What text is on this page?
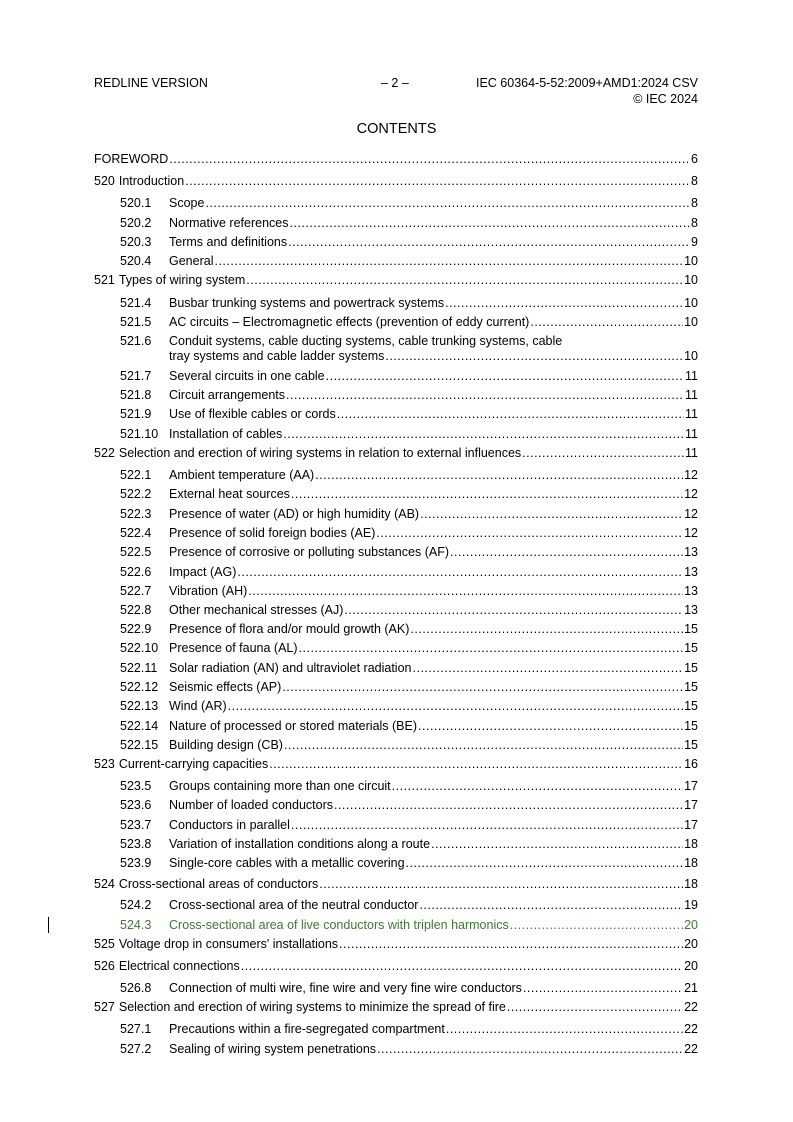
REDLINE VERSION	– 2 –	IEC 60364-5-52:2009+AMD1:2024 CSV
© IEC 2024
CONTENTS
FOREWORD .....	6
520 Introduction .....	8
520.1	Scope .....	8
520.2	Normative references .....	8
520.3	Terms and definitions .....	9
520.4	General .....	10
521 Types of wiring system .....	10
521.4	Busbar trunking systems and powertrack systems .....	10
521.5	AC circuits – Electromagnetic effects (prevention of eddy current) .....	10
521.6 Conduit systems, cable ducting systems, cable trunking systems, cable
tray systems and cable ladder systems .....	10
521.7	Several circuits in one cable .....	11
521.8	Circuit arrangements .....	11
521.9	Use of flexible cables or cords .....	11
521.10 Installation of cables .....	11
522 Selection and erection of wiring systems in relation to external influences .....	11
522.1	Ambient temperature (AA) .....	12
522.2	External heat sources .....	12
522.3	Presence of water (AD) or high humidity (AB) .....	12
522.4	Presence of solid foreign bodies (AE) .....	12
522.5	Presence of corrosive or polluting substances (AF) .....	13
522.6	Impact (AG) .....	13
522.7	Vibration (AH) .....	13
522.8	Other mechanical stresses (AJ) .....	13
522.9	Presence of flora and/or mould growth (AK) .....	15
522.10 Presence of fauna (AL) .....	15
522.11 Solar radiation (AN) and ultraviolet radiation .....	15
522.12 Seismic effects (AP) .....	15
522.13 Wind (AR) .....	15
522.14 Nature of processed or stored materials (BE) .....	15
522.15 Building design (CB) .....	15
523 Current-carrying capacities .....	16
523.5	Groups containing more than one circuit .....	17
523.6	Number of loaded conductors .....	17
523.7	Conductors in parallel .....	17
523.8	Variation of installation conditions along a route .....	18
523.9	Single-core cables with a metallic covering .....	18
524 Cross-sectional areas of conductors .....	18
524.2	Cross-sectional area of the neutral conductor .....	19
524.3	Cross-sectional area of live conductors with triplen harmonics .....	20
525 Voltage drop in consumers' installations .....	20
526 Electrical connections .....	20
526.8	Connection of multi wire, fine wire and very fine wire conductors .....	21
527 Selection and erection of wiring systems to minimize the spread of fire .....	22
527.1	Precautions within a fire-segregated compartment .....	22
527.2	Sealing of wiring system penetrations .....	22
